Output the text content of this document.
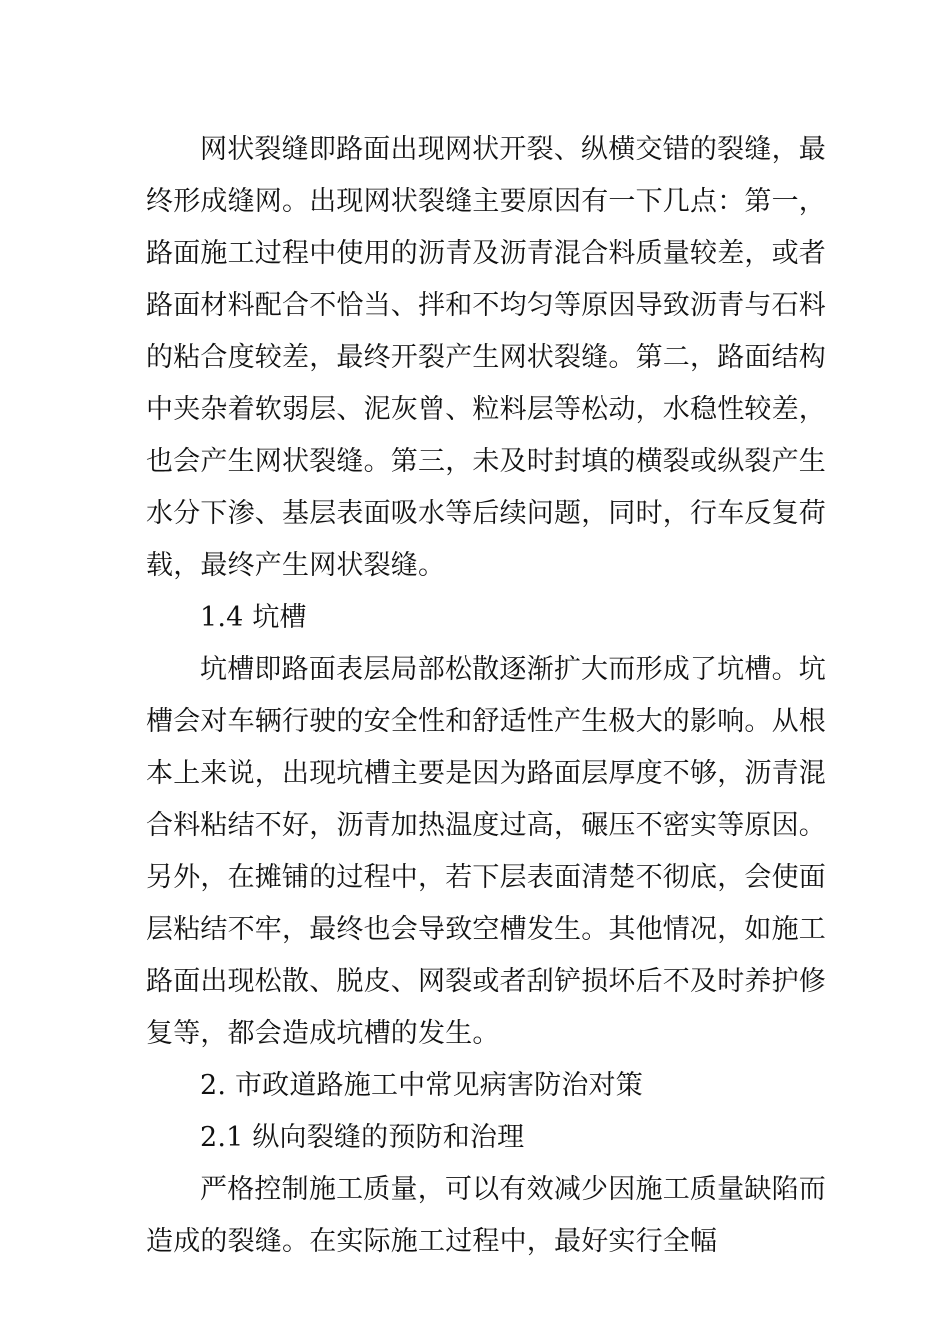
网状裂缝即路面出现网状开裂、纵横交错的裂缝，最终形成缝网。出现网状裂缝主要原因有一下几点：第一，路面施工过程中使用的沥青及沥青混合料质量较差，或者路面材料配合不恰当、拌和不均匀等原因导致沥青与石料的粘合度较差，最终开裂产生网状裂缝。第二，路面结构中夹杂着软弱层、泥灰曾、粒料层等松动，水稳性较差，也会产生网状裂缝。第三，未及时封填的横裂或纵裂产生水分下渗、基层表面吸水等后续问题，同时，行车反复荷载，最终产生网状裂缝。

1.4 坑槽

坑槽即路面表层局部松散逐渐扩大而形成了坑槽。坑槽会对车辆行驶的安全性和舒适性产生极大的影响。从根本上来说，出现坑槽主要是因为路面层厚度不够，沥青混合料粘结不好，沥青加热温度过高，碾压不密实等原因。另外，在摊铺的过程中，若下层表面清楚不彻底，会使面层粘结不牢，最终也会导致空槽发生。其他情况，如施工路面出现松散、脱皮、网裂或者刮铲损坏后不及时养护修复等，都会造成坑槽的发生。

2. 市政道路施工中常见病害防治对策

2.1 纵向裂缝的预防和治理

严格控制施工质量，可以有效减少因施工质量缺陷而造成的裂缝。在实际施工过程中，最好实行全幅
